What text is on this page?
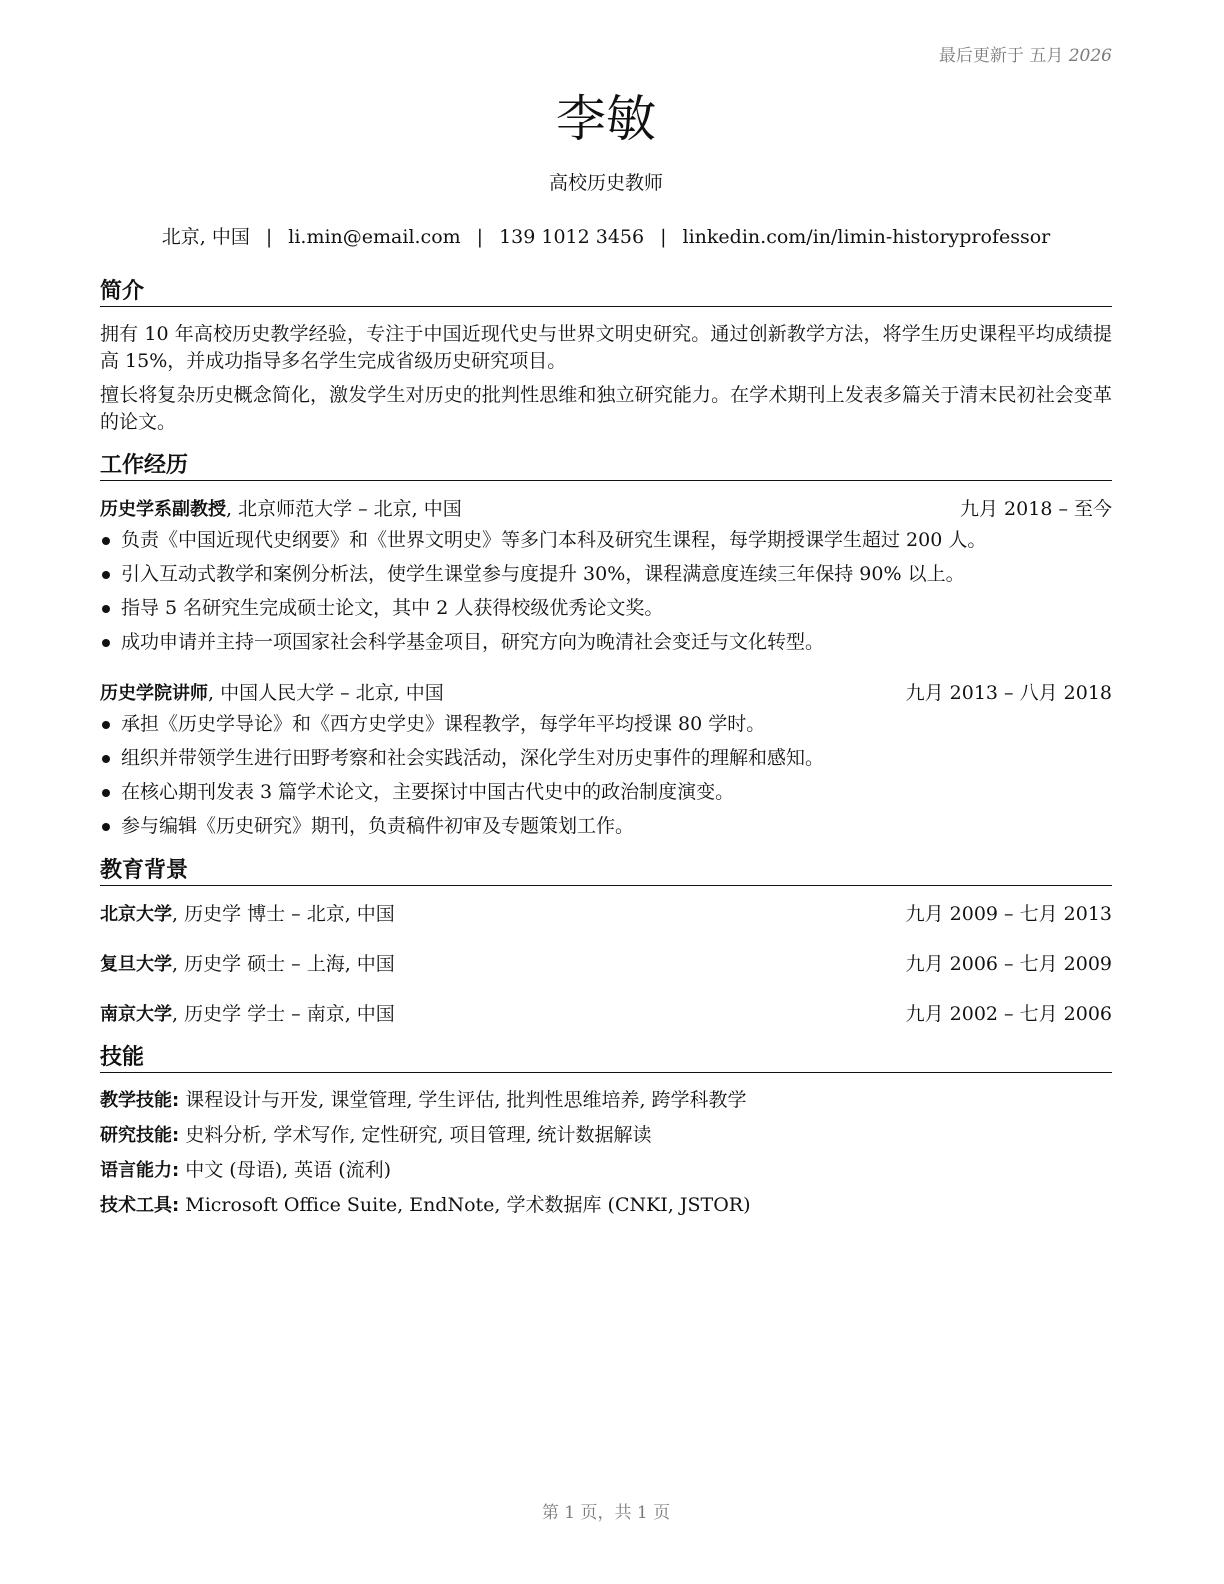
最后更新于 五月 2026
李敏
高校历史教师
北京, 中国 | li.min@email.com | 139 1012 3456 | linkedin.com/in/limin-historyprofessor
简介
拥有 10 年高校历史教学经验，专注于中国近现代史与世界文明史研究。通过创新教学方法，将学生历史课程平均成绩提高 15%，并成功指导多名学生完成省级历史研究项目。
擅长将复杂历史概念简化，激发学生对历史的批判性思维和独立研究能力。在学术期刊上发表多篇关于清末民初社会变革的论文。
工作经历
历史学系副教授, 北京师范大学 – 北京, 中国	九月 2018 – 至今
负责《中国近现代史纲要》和《世界文明史》等多门本科及研究生课程，每学期授课学生超过 200 人。
引入互动式教学和案例分析法，使学生课堂参与度提升 30%，课程满意度连续三年保持 90% 以上。
指导 5 名研究生完成硕士论文，其中 2 人获得校级优秀论文奖。
成功申请并主持一项国家社会科学基金项目，研究方向为晚清社会变迁与文化转型。
历史学院讲师, 中国人民大学 – 北京, 中国	九月 2013 – 八月 2018
承担《历史学导论》和《西方史学史》课程教学，每学年平均授课 80 学时。
组织并带领学生进行田野考察和社会实践活动，深化学生对历史事件的理解和感知。
在核心期刊发表 3 篇学术论文，主要探讨中国古代史中的政治制度演变。
参与编辑《历史研究》期刊，负责稿件初审及专题策划工作。
教育背景
北京大学, 历史学 博士 – 北京, 中国	九月 2009 – 七月 2013
复旦大学, 历史学 硕士 – 上海, 中国	九月 2006 – 七月 2009
南京大学, 历史学 学士 – 南京, 中国	九月 2002 – 七月 2006
技能
教学技能: 课程设计与开发, 课堂管理, 学生评估, 批判性思维培养, 跨学科教学
研究技能: 史料分析, 学术写作, 定性研究, 项目管理, 统计数据解读
语言能力: 中文 (母语), 英语 (流利)
技术工具: Microsoft Office Suite, EndNote, 学术数据库 (CNKI, JSTOR)
第 1 页，共 1 页
